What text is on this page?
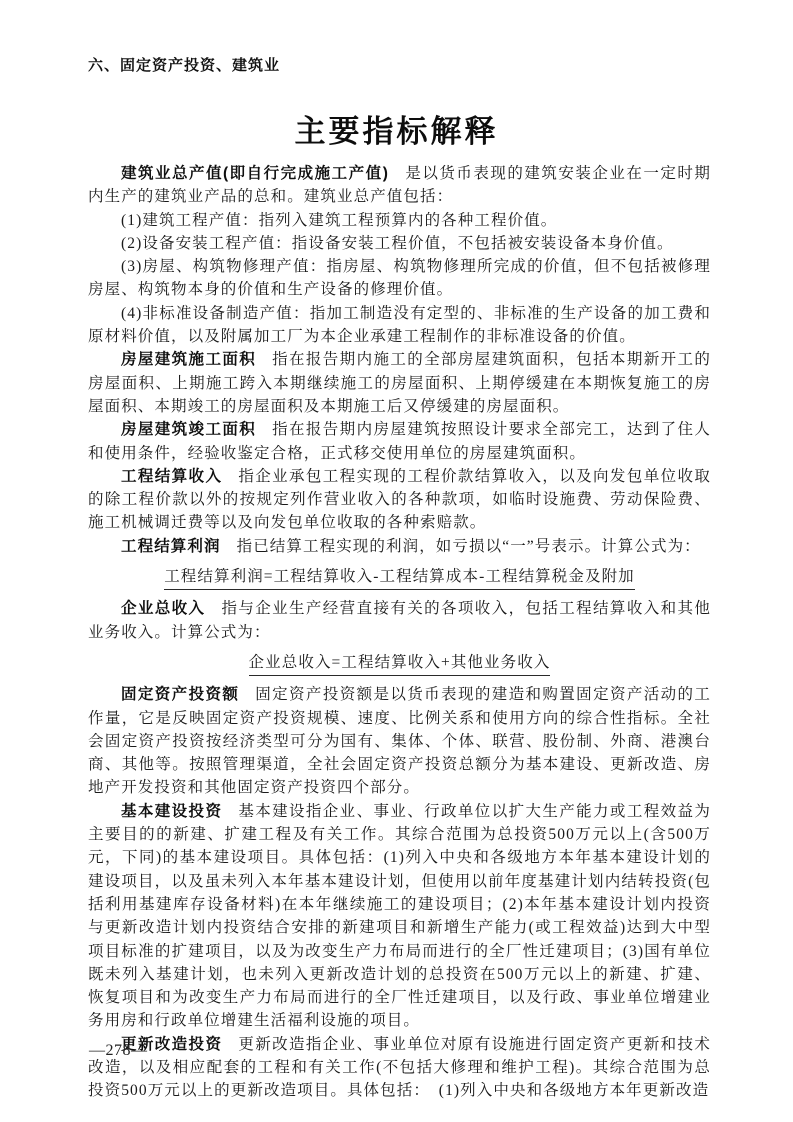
六、固定资产投资、建筑业
主要指标解释

建筑业总产值(即自行完成施工产值) 是以货币表现的建筑安装企业在一定时期内生产的建筑业产品的总和。建筑业总产值包括：

(1)建筑工程产值：指列入建筑工程预算内的各种工程价值。

(2)设备安装工程产值：指设备安装工程价值，不包括被安装设备本身价值。

(3)房屋、构筑物修理产值：指房屋、构筑物修理所完成的价值，但不包括被修理房屋、构筑物本身的价值和生产设备的修理价值。

(4)非标准设备制造产值：指加工制造没有定型的、非标准的生产设备的加工费和原材料价值，以及附属加工厂为本企业承建工程制作的非标准设备的价值。

房屋建筑施工面积 指在报告期内施工的全部房屋建筑面积，包括本期新开工的房屋面积、上期施工跨入本期继续施工的房屋面积、上期停缓建在本期恢复施工的房屋面积、本期竣工的房屋面积及本期施工后又停缓建的房屋面积。

房屋建筑竣工面积 指在报告期内房屋建筑按照设计要求全部完工，达到了住人和使用条件，经验收鉴定合格，正式移交使用单位的房屋建筑面积。

工程结算收入 指企业承包工程实现的工程价款结算收入，以及向发包单位收取的除工程价款以外的按规定列作营业收入的各种款项，如临时设施费、劳动保险费、施工机械调迁费等以及向发包单位收取的各种索赔款。

工程结算利润 指已结算工程实现的利润，如亏损以“一”号表示。计算公式为：

工程结算利润=工程结算收入-工程结算成本-工程结算税金及附加

企业总收入 指与企业生产经营直接有关的各项收入，包括工程结算收入和其他业务收入。计算公式为：

企业总收入=工程结算收入+其他业务收入

固定资产投资额 固定资产投资额是以货币表现的建造和购置固定资产活动的工作量，它是反映固定资产投资规模、速度、比例关系和使用方向的综合性指标。全社会固定资产投资按经济类型可分为国有、集体、个体、联营、股份制、外商、港澳台商、其他等。按照管理渠道，全社会固定资产投资总额分为基本建设、更新改造、房地产开发投资和其他固定资产投资四个部分。

基本建设投资 基本建设指企业、事业、行政单位以扩大生产能力或工程效益为主要目的的新建、扩建工程及有关工作。其综合范围为总投资500万元以上(含500万元，下同)的基本建设项目。具体包括：(1)列入中央和各级地方本年基本建设计划的建设项目，以及虽未列入本年基本建设计划，但使用以前年度基建计划内结转投资(包括利用基建库存设备材料)在本年继续施工的建设项目；(2)本年基本建设计划内投资与更新改造计划内投资结合安排的新建项目和新增生产能力(或工程效益)达到大中型项目标准的扩建项目，以及为改变生产力布局而进行的全厂性迁建项目；(3)国有单位既未列入基建计划，也未列入更新改造计划的总投资在500万元以上的新建、扩建、恢复项目和为改变生产力布局而进行的全厂性迁建项目，以及行政、事业单位增建业务用房和行政单位增建生活福利设施的项目。

更新改造投资 更新改造指企业、事业单位对原有设施进行固定资产更新和技术改造，以及相应配套的工程和有关工作(不包括大修理和维护工程)。其综合范围为总投资500万元以上的更新改造项目。具体包括：　(1)列入中央和各级地方本年更新改造

—278—
